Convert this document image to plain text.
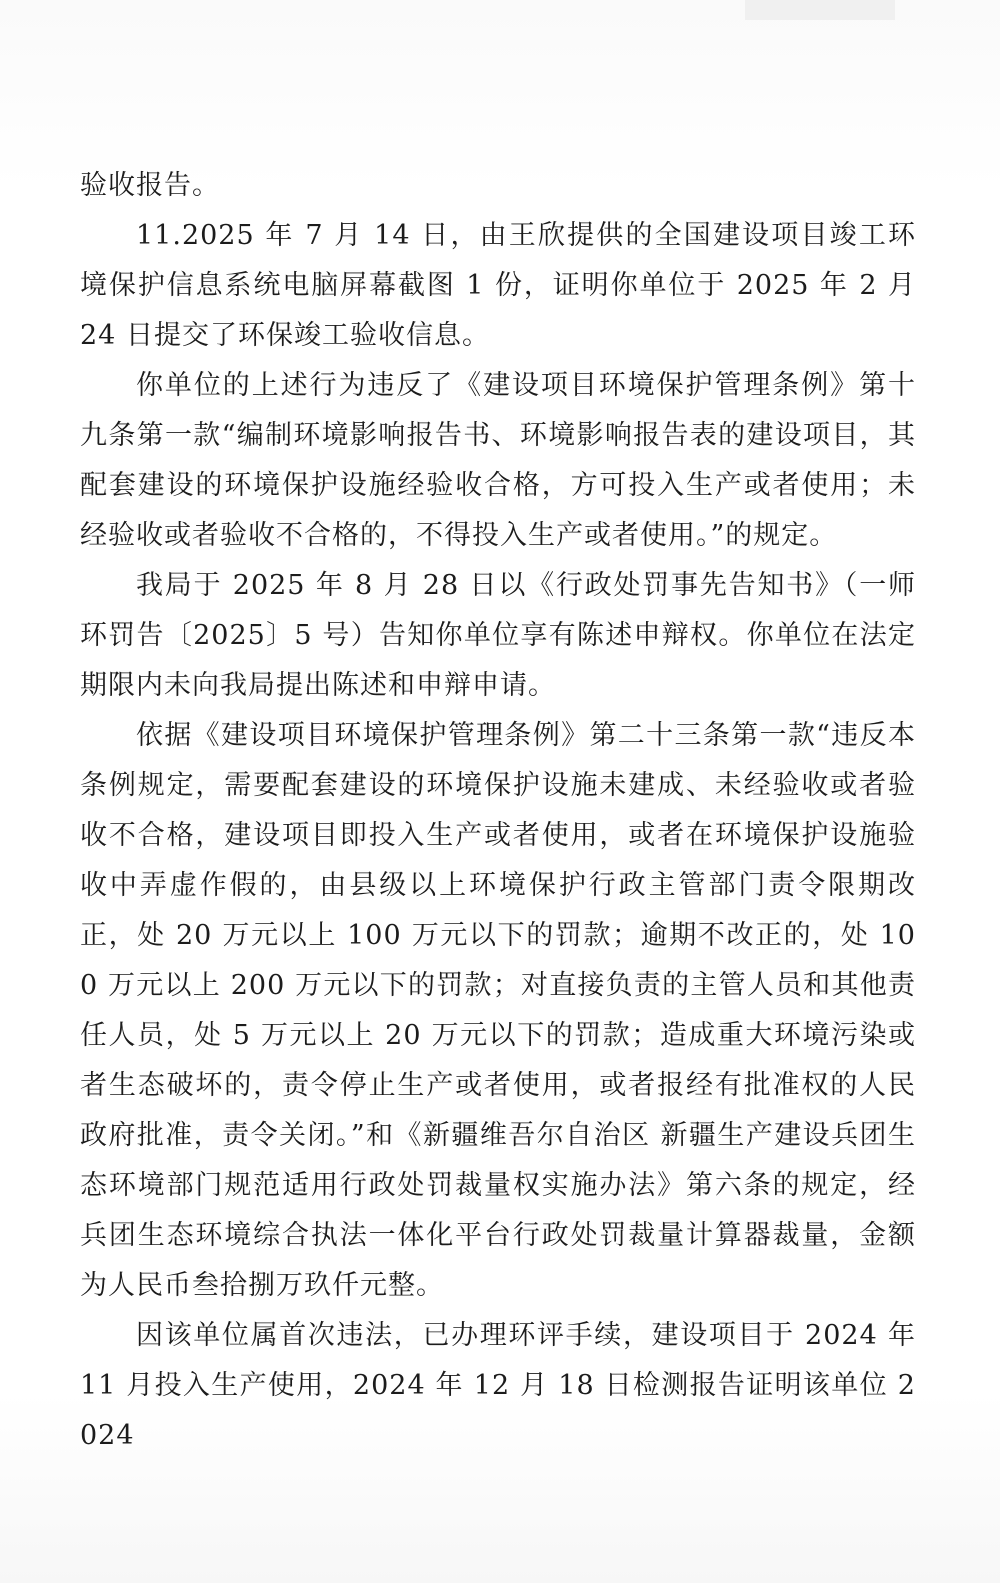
验收报告。

11.2025 年 7 月 14 日，由王欣提供的全国建设项目竣工环境保护信息系统电脑屏幕截图 1 份，证明你单位于 2025 年 2 月 24 日提交了环保竣工验收信息。

你单位的上述行为违反了《建设项目环境保护管理条例》第十九条第一款“编制环境影响报告书、环境影响报告表的建设项目，其配套建设的环境保护设施经验收合格，方可投入生产或者使用；未经验收或者验收不合格的，不得投入生产或者使用。”的规定。

我局于 2025 年 8 月 28 日以《行政处罚事先告知书》（一师环罚告〔2025〕5 号）告知你单位享有陈述申辩权。你单位在法定期限内未向我局提出陈述和申辩申请。

依据《建设项目环境保护管理条例》第二十三条第一款“违反本条例规定，需要配套建设的环境保护设施未建成、未经验收或者验收不合格，建设项目即投入生产或者使用，或者在环境保护设施验收中弄虚作假的，由县级以上环境保护行政主管部门责令限期改正，处 20 万元以上 100 万元以下的罚款；逾期不改正的，处 100 万元以上 200 万元以下的罚款；对直接负责的主管人员和其他责任人员，处 5 万元以上 20 万元以下的罚款；造成重大环境污染或者生态破坏的，责令停止生产或者使用，或者报经有批准权的人民政府批准，责令关闭。”和《新疆维吾尔自治区 新疆生产建设兵团生态环境部门规范适用行政处罚裁量权实施办法》第六条的规定，经兵团生态环境综合执法一体化平台行政处罚裁量计算器裁量，金额为人民币叁拾捌万玖仟元整。

因该单位属首次违法，已办理环评手续，建设项目于 2024 年 11 月投入生产使用，2024 年 12 月 18 日检测报告证明该单位 2024
